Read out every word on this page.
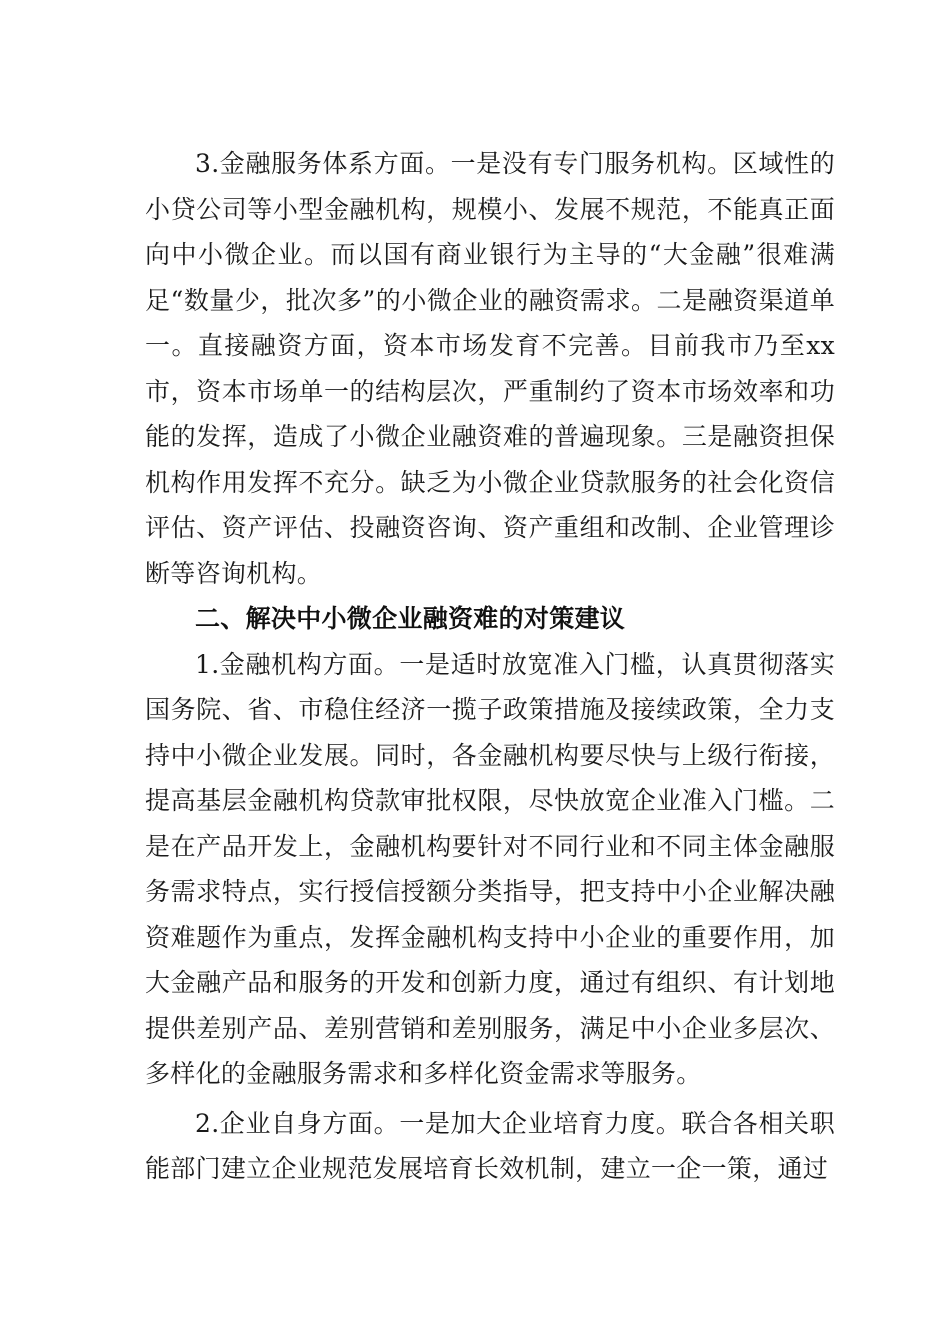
3.金融服务体系方面。一是没有专门服务机构。区域性的小贷公司等小型金融机构，规模小、发展不规范，不能真正面向中小微企业。而以国有商业银行为主导的“大金融”很难满足“数量少，批次多”的小微企业的融资需求。二是融资渠道单一。直接融资方面，资本市场发育不完善。目前我市乃至xx市，资本市场单一的结构层次，严重制约了资本市场效率和功能的发挥，造成了小微企业融资难的普遍现象。三是融资担保机构作用发挥不充分。缺乏为小微企业贷款服务的社会化资信评估、资产评估、投融资咨询、资产重组和改制、企业管理诊断等咨询机构。

二、解决中小微企业融资难的对策建议

1.金融机构方面。一是适时放宽准入门槛，认真贯彻落实国务院、省、市稳住经济一揽子政策措施及接续政策，全力支持中小微企业发展。同时，各金融机构要尽快与上级行衔接，提高基层金融机构贷款审批权限，尽快放宽企业准入门槛。二是在产品开发上，金融机构要针对不同行业和不同主体金融服务需求特点，实行授信授额分类指导，把支持中小企业解决融资难题作为重点，发挥金融机构支持中小企业的重要作用，加大金融产品和服务的开发和创新力度，通过有组织、有计划地提供差别产品、差别营销和差别服务，满足中小企业多层次、多样化的金融服务需求和多样化资金需求等服务。

2.企业自身方面。一是加大企业培育力度。联合各相关职能部门建立企业规范发展培育长效机制，建立一企一策，通过
